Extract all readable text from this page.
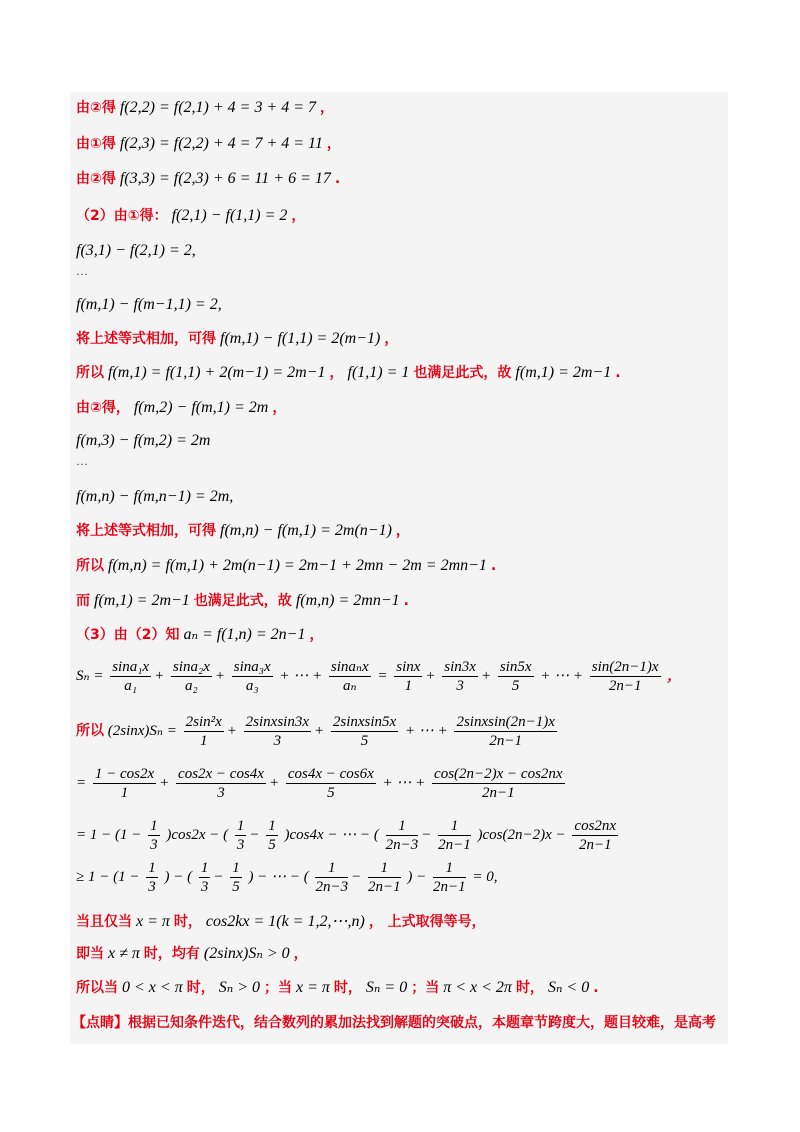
由②得 f(2,2) = f(2,1) + 4 = 3 + 4 = 7 ，
由①得 f(2,3) = f(2,2) + 4 = 7 + 4 = 11 ，
由②得 f(3,3) = f(2,3) + 6 = 11 + 6 = 17 .
（2）由①得： f(2,1) − f(1,1) = 2 ，
f(3,1) − f(2,1) = 2,
…
f(m,1) − f(m−1,1) = 2,
将上述等式相加，可得 f(m,1) − f(1,1) = 2(m−1) ，
所以 f(m,1) = f(1,1) + 2(m−1) = 2m−1 ， f(1,1) = 1 也满足此式，故 f(m,1) = 2m−1 .
由②得， f(m,2) − f(m,1) = 2m ，
f(m,3) − f(m,2) = 2m
…
f(m,n) − f(m,n−1) = 2m,
将上述等式相加，可得 f(m,n) − f(m,1) = 2m(n−1) ，
所以 f(m,n) = f(m,1) + 2m(n−1) = 2m−1 + 2mn − 2m = 2mn−1 .
而 f(m,1) = 2m−1 也满足此式，故 f(m,n) = 2mn−1 .
（3）由（2）知 aₙ = f(1,n) = 2n−1 ，
$S_n = \frac{\text{sina₁x}}{\text{a₁}} + \frac{\text{sina₂x}}{\text{a₂}} + \frac{\text{sina₃x}}{\text{a₃}}$ + ⋯ +
sinaₙx
aₙ
= $\frac{\sin x}{1} + \frac{\sin 3x}{3} + \frac{\sin 5x}{5}$ + ⋯ + $\frac{\sin(2n-1)x}{2n-1}$ ，
所以 $(2\sin x)S_n = \frac{\text{2sin²x}}{1} + \frac{\text{2sinxsin3x}}{3} + \frac{\text{2sinxsin5x}}{5}$ + ⋯ + $\frac{\text{2sinxsin(2n−1)x}}{2n-1}$
= $\frac{1 - \cos 2x}{1} + \frac{\cos 2x - \cos 4x}{3} + \frac{\cos 4x - \cos 6x}{5}$ + ⋯ + $\frac{\cos(2n-2)x - \cos 2nx}{2n-1}$
= $1 - (1 - \frac{1}{3} )\cos 2x$ − ( $\frac{1}{3} - \frac{1}{5} )\cos 4x$ − ⋯ − ( $\frac{1}{2n-3} - \frac{1}{2n-1} )\cos(2n-2)x - \frac{\cos 2nx}{2n-1}$
≥ $1 - (1 - \frac{1}{3}$ ) − ( $\frac{1}{3} - \frac{1}{5}$ ) − ⋯ − ( $\frac{1}{2n-3} - \frac{1}{2n-1}$ ) − $\frac{1}{2n-1} = 0$,
当且仅当 x = π 时， cos2kx = 1(k = 1,2,⋯,n) ， 上式取得等号，
即当 x ≠ π 时，均有 (2sinx)Sₙ > 0 ，
所以当 0 < x < π 时， Sₙ > 0 ；当 x = π 时， Sₙ = 0 ；当 π < x < 2π 时， Sₙ < 0 .
【点睛】根据已知条件迭代，结合数列的累加法找到解题的突破点，本题章节跨度大，题目较难，是高考
